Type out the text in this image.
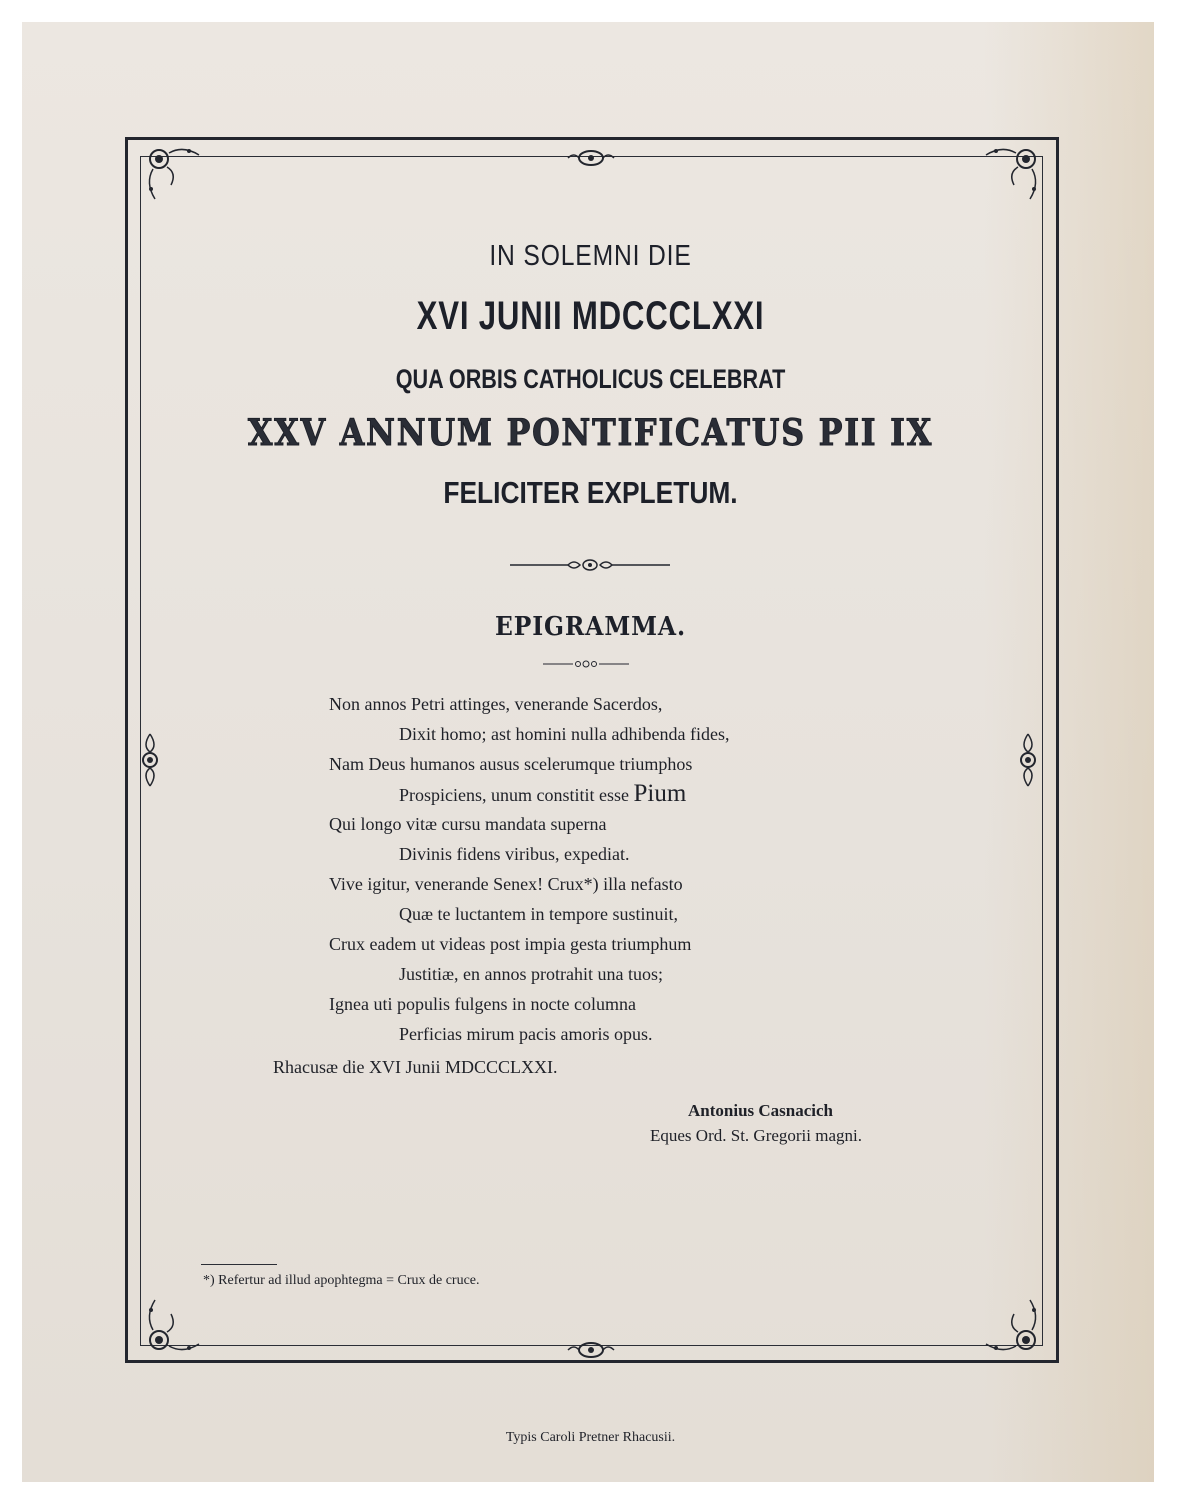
IN SOLEMNI DIE
XVI JUNII MDCCCLXXI
QUA ORBIS CATHOLICUS CELEBRAT
XXV ANNUM PONTIFICATUS PII IX
FELICITER EXPLETUM.
EPIGRAMMA.
Non annos Petri attinges, venerande Sacerdos,
Dixit homo; ast homini nulla adhibenda fides,
Nam Deus humanos ausus scelerumque triumphos
Prospiciens, unum constitit esse Pium
Qui longo vitæ cursu mandata superna
Divinis fidens viribus, expediat.
Vive igitur, venerande Senex! Crux*) illa nefasto
Quæ te luctantem in tempore sustinuit,
Crux eadem ut videas post impia gesta triumphum
Justitiæ, en annos protrahit una tuos;
Ignea uti populis fulgens in nocte columna
Perficias mirum pacis amoris opus.
Rhacusæ die XVI Junii MDCCCLXXI.
Antonius Casnacich
Eques Ord. St. Gregorii magni.
*) Refertur ad illud apophtegma = Crux de cruce.
Typis Caroli Pretner Rhacusii.
